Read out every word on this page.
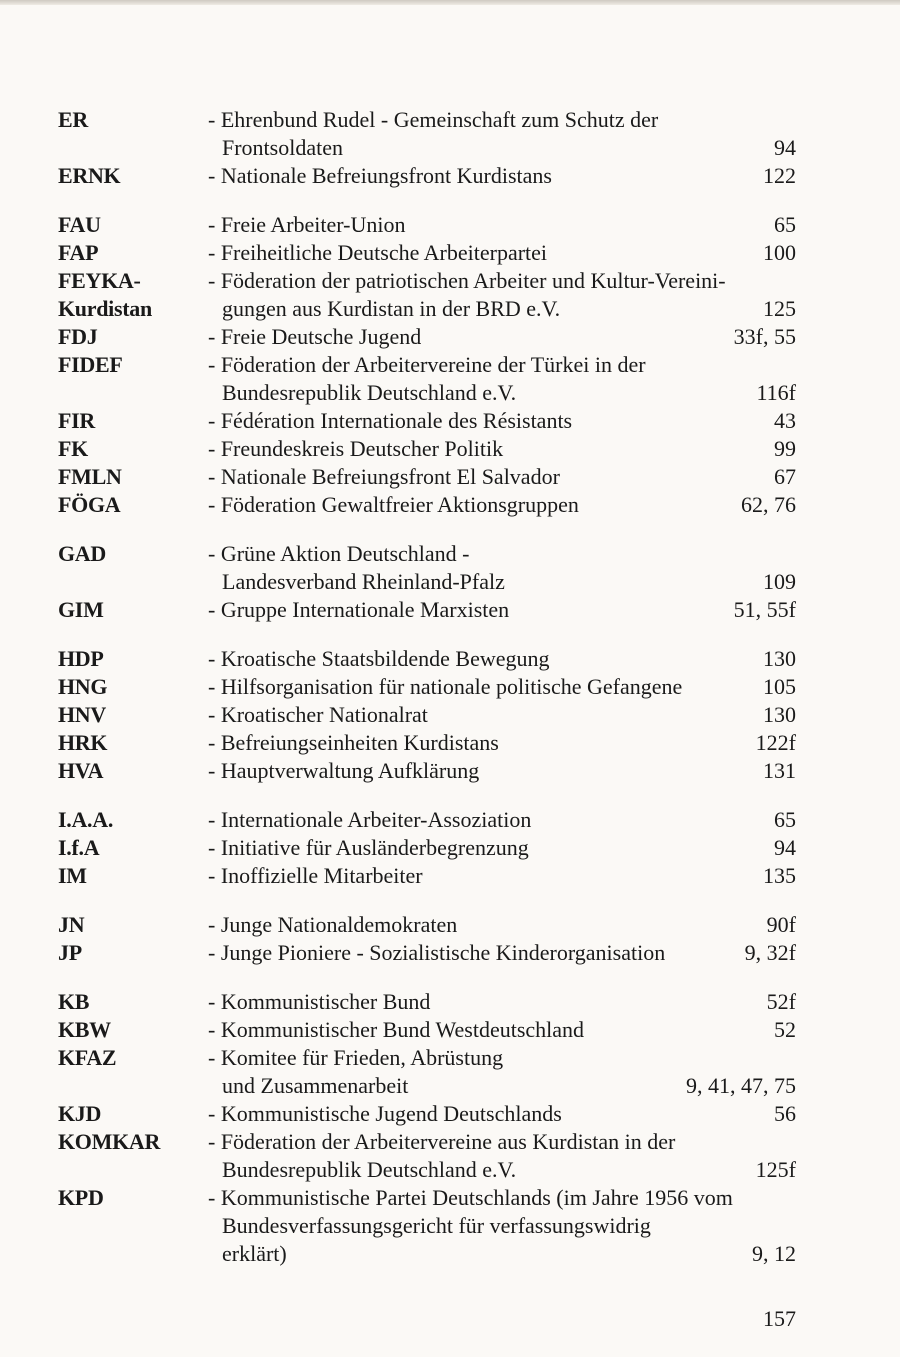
ER	- Ehrenbund Rudel - Gemeinschaft zum Schutz der
Frontsoldaten	94
ERNK	- Nationale Befreiungsfront Kurdistans	122
FAU	- Freie Arbeiter-Union	65
FAP	- Freiheitliche Deutsche Arbeiterpartei	100
FEYKA-	- Föderation der patriotischen Arbeiter und Kultur-Vereini-
Kurdistan	gungen aus Kurdistan in der BRD e.V.	125
FDJ	- Freie Deutsche Jugend	33f, 55
FIDEF	- Föderation der Arbeitervereine der Türkei in der
Bundesrepublik Deutschland e.V.	116f
FIR	- Fédération Internationale des Résistants	43
FK	- Freundeskreis Deutscher Politik	99
FMLN	- Nationale Befreiungsfront El Salvador	67
FÖGA	- Föderation Gewaltfreier Aktionsgruppen	62, 76
GAD	- Grüne Aktion Deutschland -
Landesverband Rheinland-Pfalz	109
GIM	- Gruppe Internationale Marxisten	51, 55f
HDP	- Kroatische Staatsbildende Bewegung	130
HNG	- Hilfsorganisation für nationale politische Gefangene	105
HNV	- Kroatischer Nationalrat	130
HRK	- Befreiungseinheiten Kurdistans	122f
HVA	- Hauptverwaltung Aufklärung	131
I.A.A.	- Internationale Arbeiter-Assoziation	65
I.f.A	- Initiative für Ausländerbegrenzung	94
IM	- Inoffizielle Mitarbeiter	135
JN	- Junge Nationaldemokraten	90f
JP	- Junge Pioniere - Sozialistische Kinderorganisation	9, 32f
KB	- Kommunistischer Bund	52f
KBW	- Kommunistischer Bund Westdeutschland	52
KFAZ	- Komitee für Frieden, Abrüstung
und Zusammenarbeit	9, 41, 47, 75
KJD	- Kommunistische Jugend Deutschlands	56
KOMKAR - Föderation der Arbeitervereine aus Kurdistan in der
Bundesrepublik Deutschland e.V.	125f
KPD	- Kommunistische Partei Deutschlands (im Jahre 1956 vom
Bundesverfassungsgericht für verfassungswidrig
erklärt)	9, 12
157
